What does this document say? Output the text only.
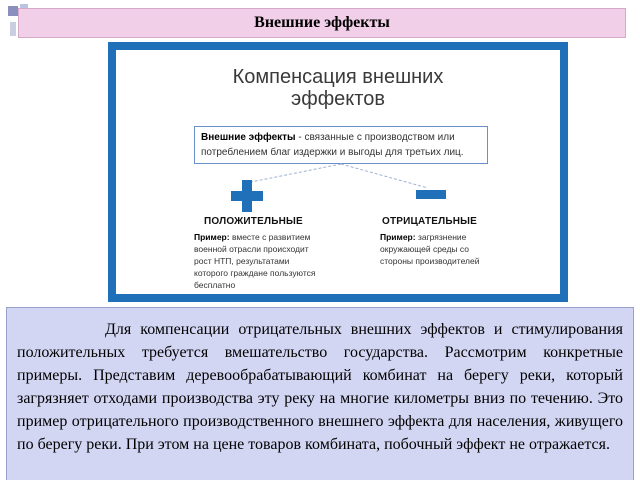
Внешние эффекты
Компенсация внешних
эффектов
Внешние эффекты - связанные с производством или потреблением благ издержки и выгоды для третьих лиц.
ПОЛОЖИТЕЛЬНЫЕ
Пример: вместе с развитием военной отрасли происходит рост НТП, результатами которого граждане пользуются бесплатно
ОТРИЦАТЕЛЬНЫЕ
Пример: загрязнение окружающей среды со стороны производителей

Для компенсации отрицательных внешних эффектов и стимулирования положительных требуется вмешательство государства. Рассмотрим конкретные примеры. Представим деревообрабатывающий комбинат на берегу реки, который загрязняет отходами производства эту реку на многие километры вниз по течению. Это пример отрицательного производственного внешнего эффекта для населения, живущего по берегу реки. При этом на цене товаров комбината, побочный эффект не отражается.
